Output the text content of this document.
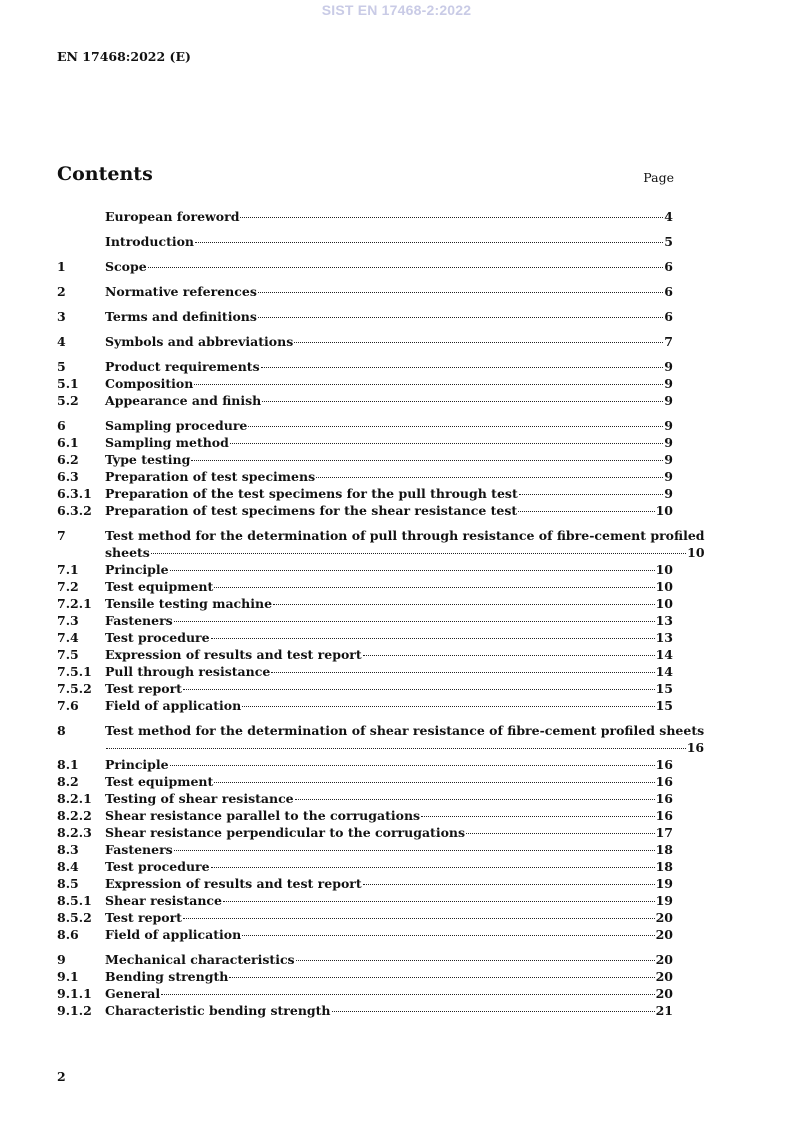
SIST EN 17468-2:2022
EN 17468:2022 (E)
Contents	Page
European foreword	4
Introduction	5
1	Scope	6
2	Normative references	6
3	Terms and definitions	6
4	Symbols and abbreviations	7
5	Product requirements	9
5.1	Composition	9
5.2	Appearance and finish	9
6	Sampling procedure	9
6.1	Sampling method	9
6.2	Type testing	9
6.3	Preparation of test specimens	9
6.3.1	Preparation of the test specimens for the pull through test	9
6.3.2	Preparation of test specimens for the shear resistance test	10
7	Test method for the determination of pull through resistance of fibre-cement profiled
sheets	10
7.1	Principle	10
7.2	Test equipment	10
7.2.1	Tensile testing machine	10
7.3	Fasteners	13
7.4	Test procedure	13
7.5	Expression of results and test report	14
7.5.1	Pull through resistance	14
7.5.2	Test report	15
7.6	Field of application	15
8	Test method for the determination of shear resistance of fibre-cement profiled sheets
16
8.1	Principle	16
8.2	Test equipment	16
8.2.1	Testing of shear resistance	16
8.2.2	Shear resistance parallel to the corrugations	16
8.2.3	Shear resistance perpendicular to the corrugations	17
8.3	Fasteners	18
8.4	Test procedure	18
8.5	Expression of results and test report	19
8.5.1	Shear resistance	19
8.5.2	Test report	20
8.6	Field of application	20
9	Mechanical characteristics	20
9.1	Bending strength	20
9.1.1	General	20
9.1.2	Characteristic bending strength	21
2
